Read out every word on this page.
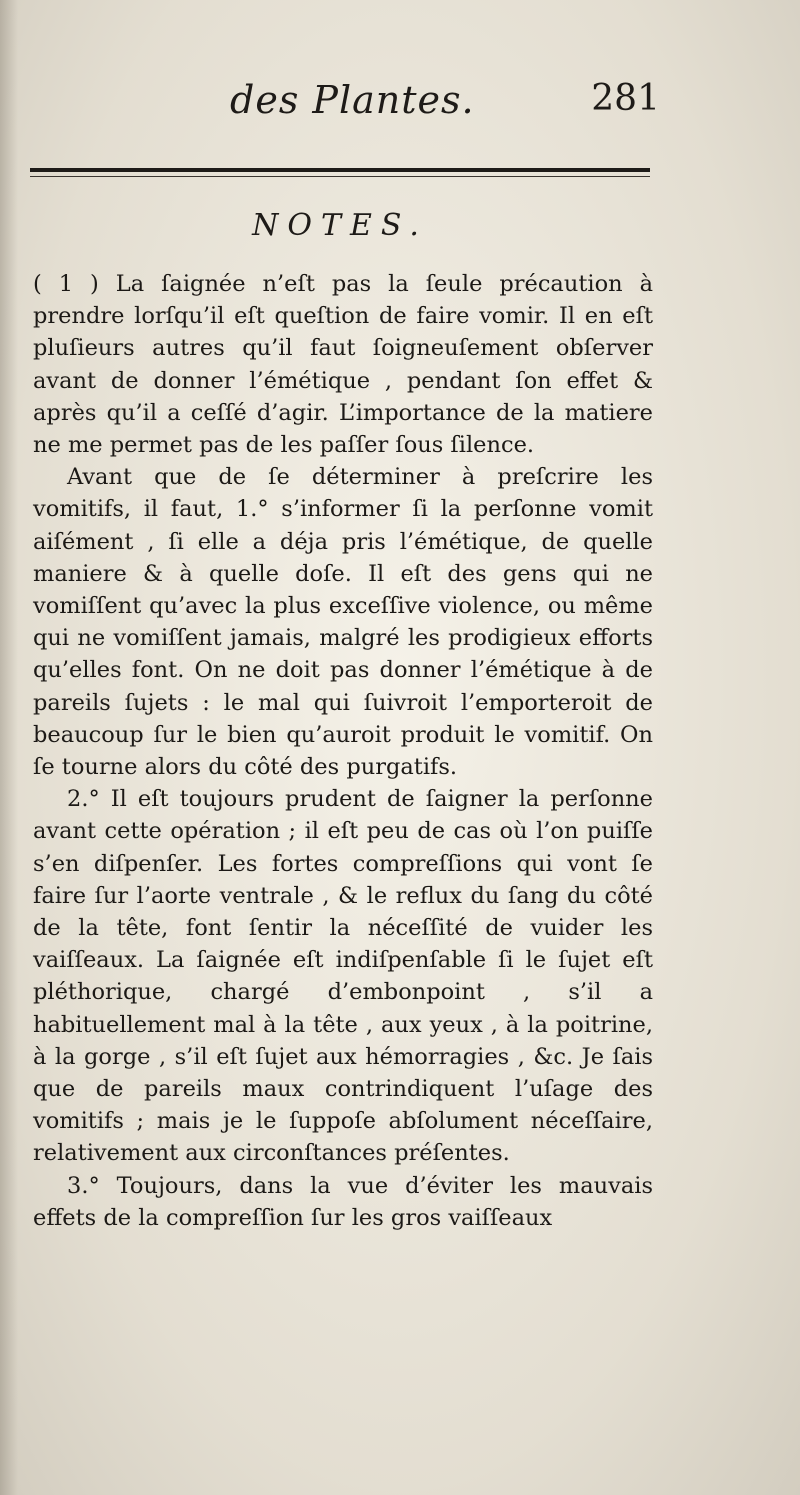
des Plantes.	281
NOTES.

( 1 ) La ſaignée n’eſt pas la ſeule précaution à prendre lorſqu’il eſt queſtion de faire vomir. Il en eſt pluſieurs autres qu’il faut ſoigneuſement obſerver avant de donner l’émétique , pendant ſon effet & après qu’il a ceſſé d’agir. L’importance de la matiere ne me permet pas de les paſſer ſous ſilence.

Avant que de ſe déterminer à preſcrire les vomitifs, il faut, 1.° s’informer ſi la perſonne vomit aiſément , ſi elle a déja pris l’émétique, de quelle maniere & à quelle doſe. Il eſt des gens qui ne vomiſſent qu’avec la plus exceſſive violence, ou même qui ne vomiſſent jamais, malgré les prodigieux efforts qu’elles font. On ne doit pas donner l’émétique à de pareils ſujets : le mal qui ſuivroit l’emporteroit de beaucoup ſur le bien qu’auroit produit le vomitif. On ſe tourne alors du côté des purgatifs.

2.° Il eſt toujours prudent de ſaigner la perſonne avant cette opération ; il eſt peu de cas où l’on puiſſe s’en diſpenſer. Les fortes compreſſions qui vont ſe faire ſur l’aorte ventrale , & le reflux du ſang du côté de la tête, font ſentir la néceſſité de vuider les vaiſſeaux. La ſaignée eſt indiſpenſable ſi le ſujet eſt pléthorique, chargé d’embonpoint , s’il a habituellement mal à la tête , aux yeux , à la poitrine, à la gorge , s’il eſt ſujet aux hémorragies , &c. Je ſais que de pareils maux contrindiquent l’uſage des vomitifs ; mais je le ſuppoſe abſolument néceſſaire, relativement aux circonſtances préſentes.

3.° Toujours, dans la vue d’éviter les mauvais effets de la compreſſion ſur les gros vaiſſeaux
